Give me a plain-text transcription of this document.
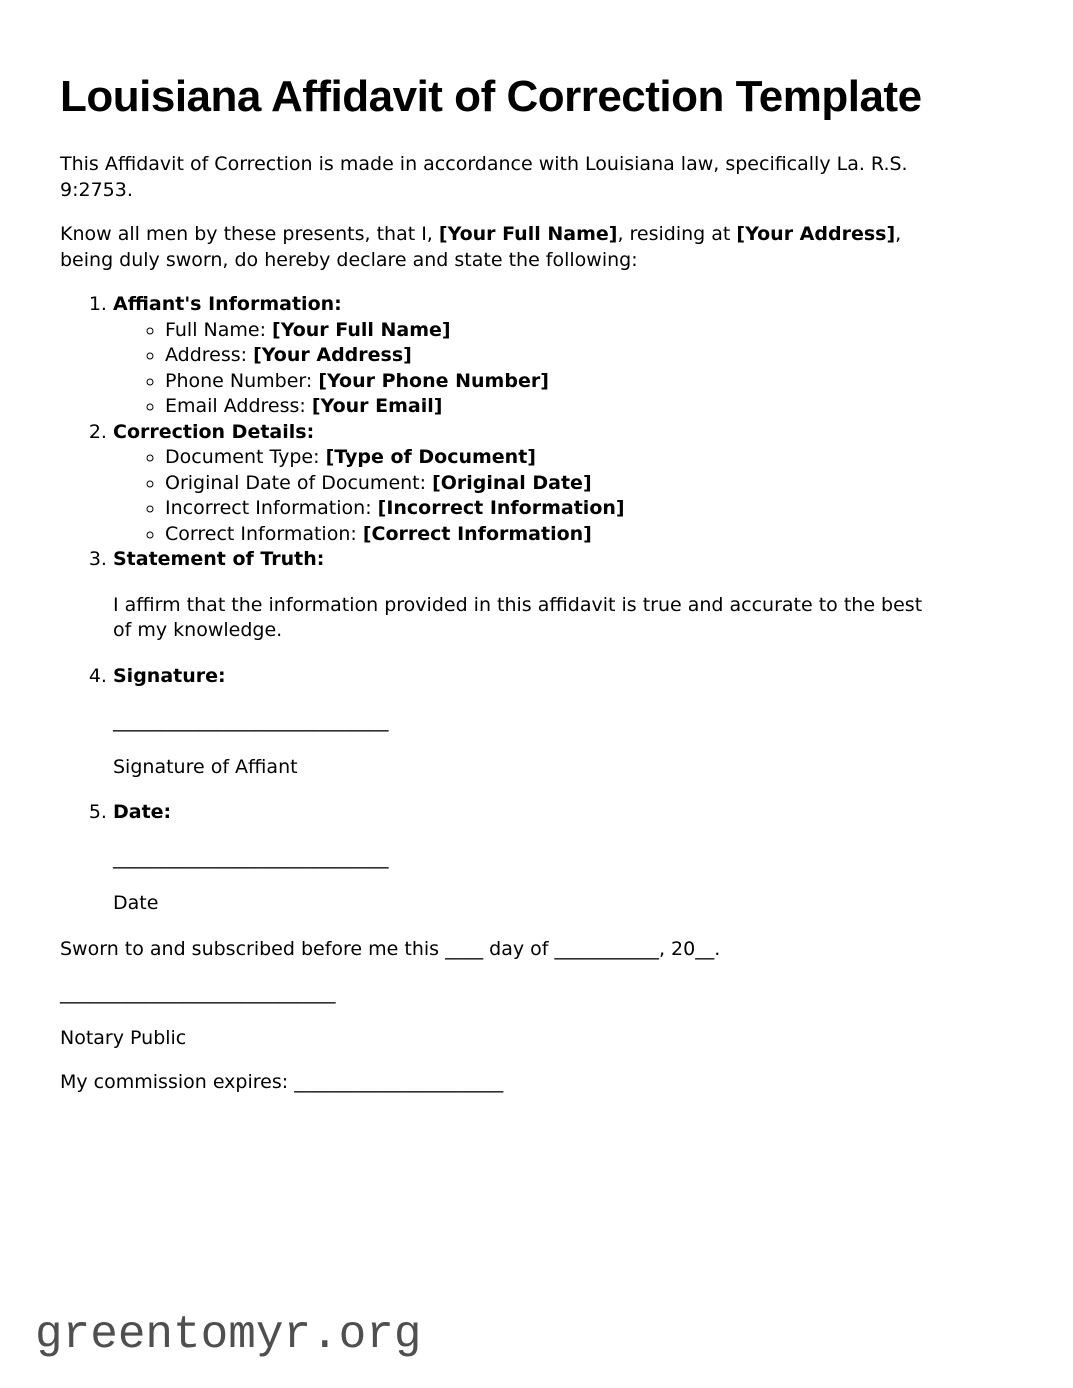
Louisiana Affidavit of Correction Template

This Affidavit of Correction is made in accordance with Louisiana law, specifically La. R.S.
9:2753.

Know all men by these presents, that I, [Your Full Name], residing at [Your Address],
being duly sworn, do hereby declare and state the following:

1. Affiant's Information:
◦ Full Name: [Your Full Name]
◦ Address: [Your Address]
◦ Phone Number: [Your Phone Number]
◦ Email Address: [Your Email]
2. Correction Details:
◦ Document Type: [Type of Document]
◦ Original Date of Document: [Original Date]
◦ Incorrect Information: [Incorrect Information]
◦ Correct Information: [Correct Information]
3. Statement of Truth:

I affirm that the information provided in this affidavit is true and accurate to the best
of my knowledge.

4. Signature:

_____________________________

Signature of Affiant

5. Date:

_____________________________

Date

Sworn to and subscribed before me this ____ day of ___________, 20__.

_____________________________

Notary Public

My commission expires: ______________________

greentomyr.org
